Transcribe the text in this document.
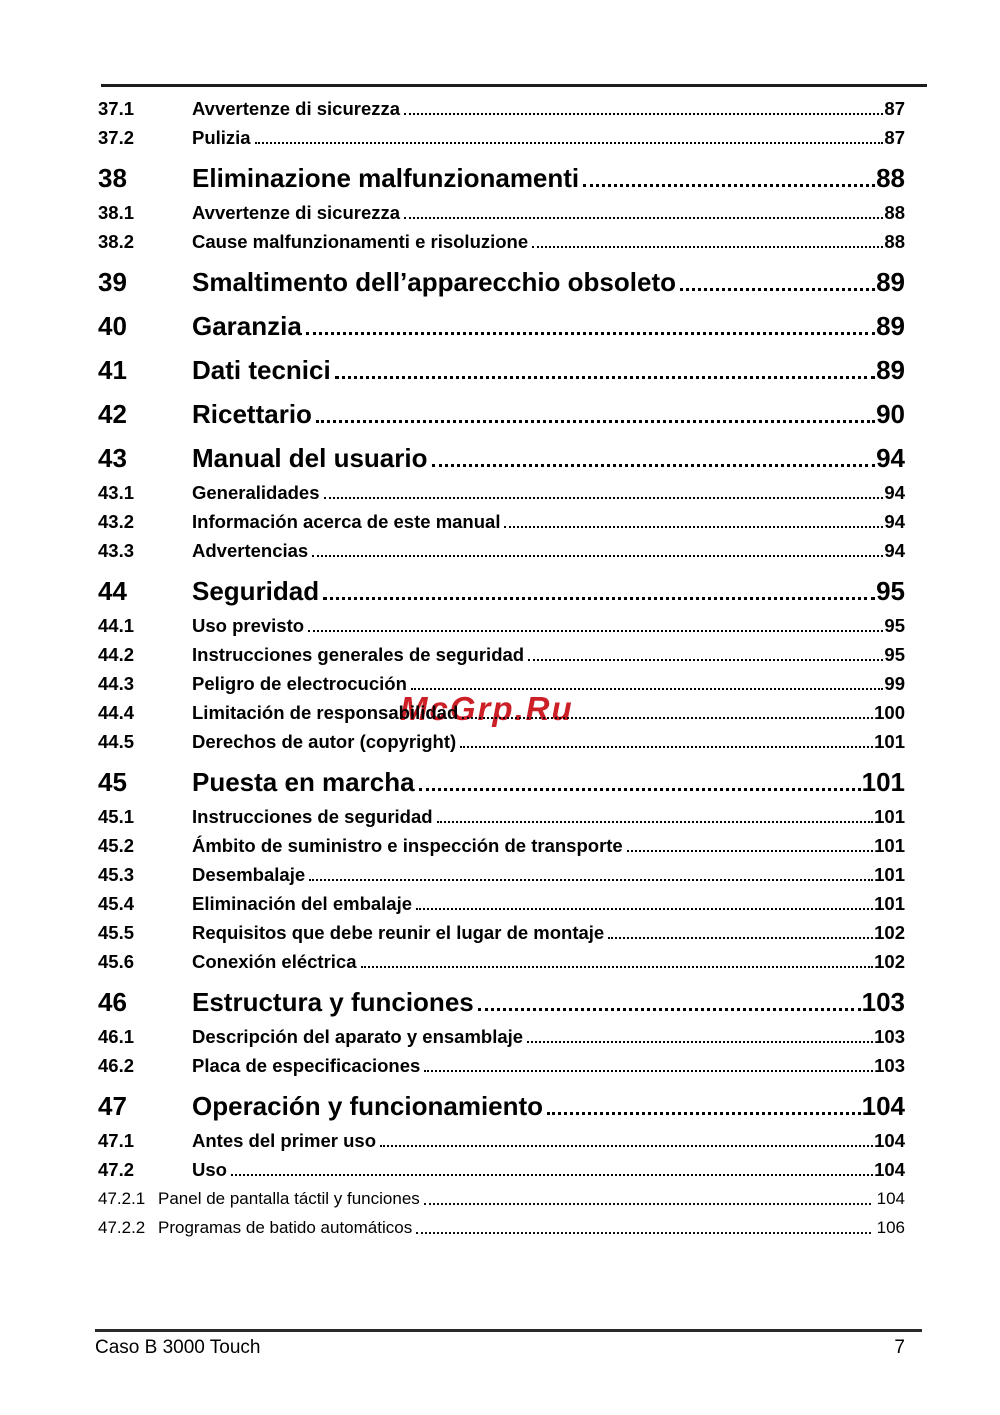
McGrp.Ru
37.1	Avvertenze di sicurezza	87
37.2	Pulizia	87
38	Eliminazione malfunzionamenti	88
38.1	Avvertenze di sicurezza	88
38.2	Cause malfunzionamenti e risoluzione	88
39	Smaltimento dell’apparecchio obsoleto	89
40	Garanzia	89
41	Dati tecnici	89
42	Ricettario	90
43	Manual del usuario	94
43.1	Generalidades	94
43.2	Información acerca de este manual	94
43.3	Advertencias	94
44	Seguridad	95
44.1	Uso previsto	95
44.2	Instrucciones generales de seguridad	95
44.3	Peligro de electrocución	99
44.4	Limitación de responsabilidad	100
44.5	Derechos de autor (copyright)	101
45	Puesta en marcha	101
45.1	Instrucciones de seguridad	101
45.2	Ámbito de suministro e inspección de transporte	101
45.3	Desembalaje	101
45.4	Eliminación del embalaje	101
45.5	Requisitos que debe reunir el lugar de montaje	102
45.6	Conexión eléctrica	102
46	Estructura y funciones	103
46.1	Descripción del aparato y ensamblaje	103
46.2	Placa de especificaciones	103
47	Operación y funcionamiento	104
47.1	Antes del primer uso	104
47.2	Uso	104
47.2.1 Panel de pantalla táctil y funciones	104
47.2.2 Programas de batido automáticos	106
Caso B 3000 Touch	7
